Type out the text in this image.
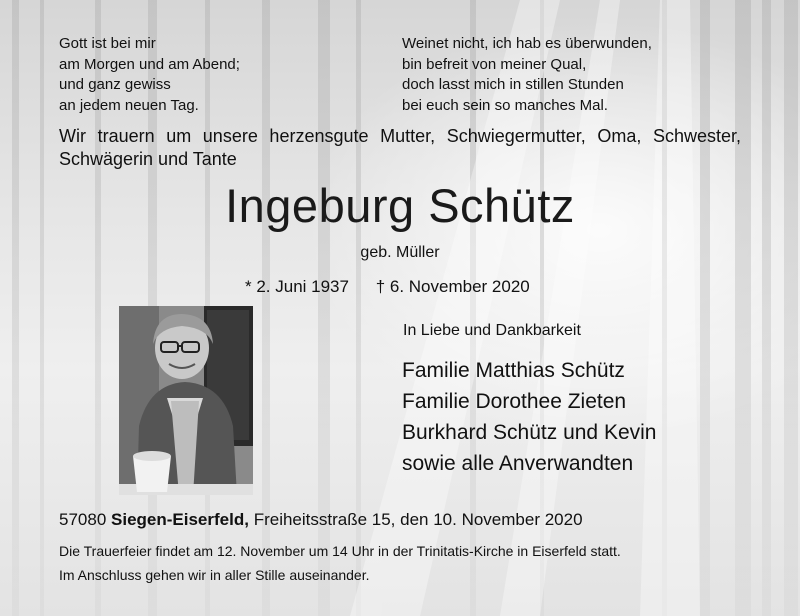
Gott ist bei mir
am Morgen und am Abend;
und ganz gewiss
an jedem neuen Tag.
Weinet nicht, ich hab es überwunden,
bin befreit von meiner Qual,
doch lasst mich in stillen Stunden
bei euch sein so manches Mal.
Wir trauern um unsere herzensgute Mutter, Schwiegermutter, Oma, Schwester, Schwägerin und Tante
Ingeburg Schütz
geb. Müller
* 2. Juni 1937 † 6. November 2020
In Liebe und Dankbarkeit
Familie Matthias Schütz
Familie Dorothee Zieten
Burkhard Schütz und Kevin
sowie alle Anverwandten
57080 Siegen-Eiserfeld, Freiheitsstraße 15, den 10. November 2020
Die Trauerfeier findet am 12. November um 14 Uhr in der Trinitatis-Kirche in Eiserfeld statt.
Im Anschluss gehen wir in aller Stille auseinander.
